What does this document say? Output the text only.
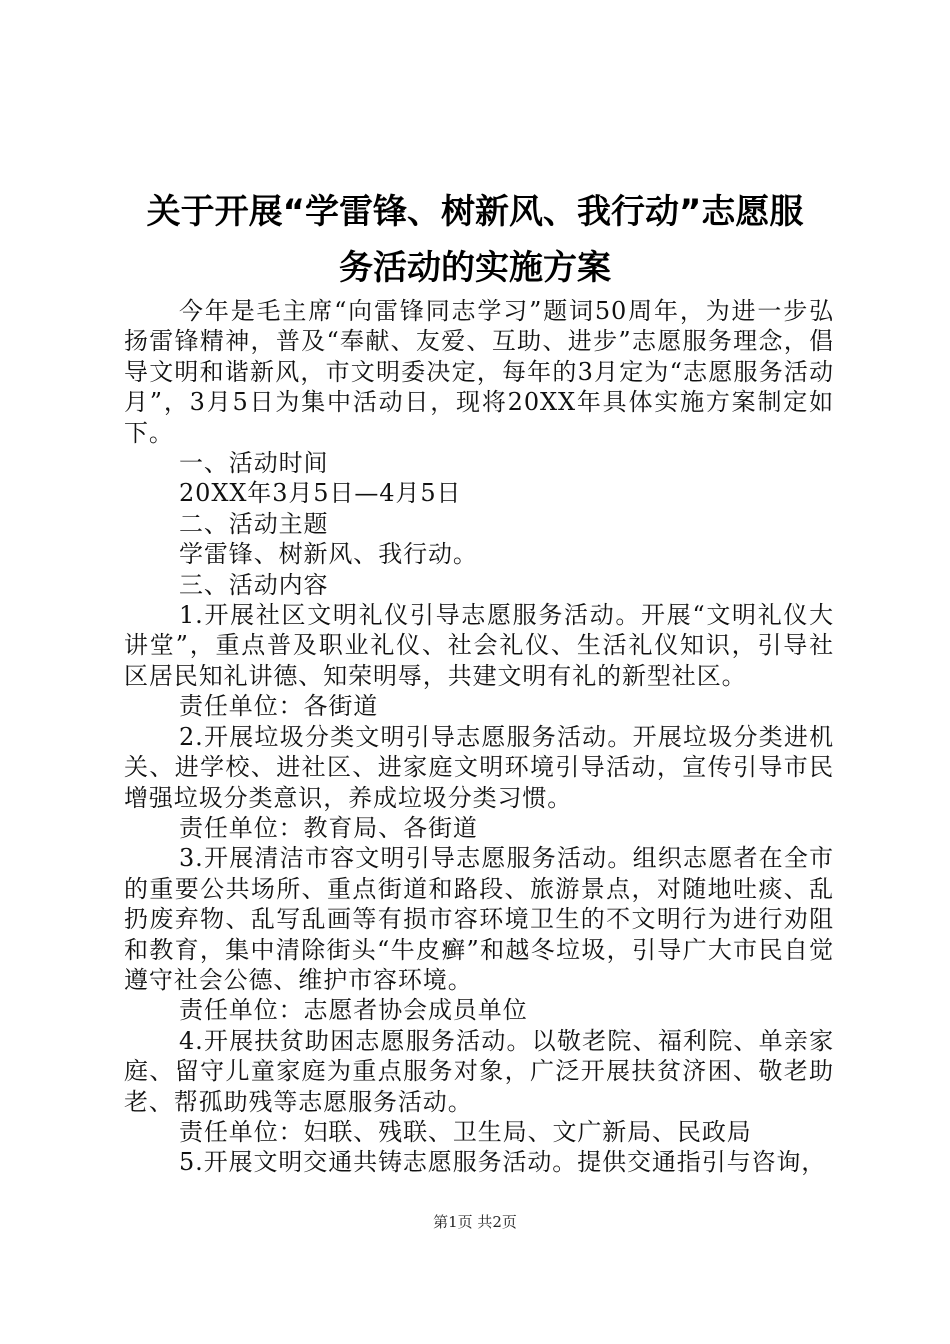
关于开展“学雷锋、树新风、我行动”志愿服
务活动的实施方案

今年是毛主席“向雷锋同志学习”题词50周年，为进一步弘扬雷锋精神，普及“奉献、友爱、互助、进步”志愿服务理念，倡导文明和谐新风，市文明委决定，每年的3月定为“志愿服务活动月”，3月5日为集中活动日，现将20XX年具体实施方案制定如下。

一、活动时间

20XX年3月5日—4月5日

二、活动主题

学雷锋、树新风、我行动。

三、活动内容

1.开展社区文明礼仪引导志愿服务活动。开展“文明礼仪大讲堂”，重点普及职业礼仪、社会礼仪、生活礼仪知识，引导社区居民知礼讲德、知荣明辱，共建文明有礼的新型社区。

责任单位：各街道

2.开展垃圾分类文明引导志愿服务活动。开展垃圾分类进机关、进学校、进社区、进家庭文明环境引导活动，宣传引导市民增强垃圾分类意识，养成垃圾分类习惯。

责任单位：教育局、各街道

3.开展清洁市容文明引导志愿服务活动。组织志愿者在全市的重要公共场所、重点街道和路段、旅游景点，对随地吐痰、乱扔废弃物、乱写乱画等有损市容环境卫生的不文明行为进行劝阻和教育，集中清除街头“牛皮癣”和越冬垃圾，引导广大市民自觉遵守社会公德、维护市容环境。

责任单位：志愿者协会成员单位

4.开展扶贫助困志愿服务活动。以敬老院、福利院、单亲家庭、留守儿童家庭为重点服务对象，广泛开展扶贫济困、敬老助老、帮孤助残等志愿服务活动。

责任单位：妇联、残联、卫生局、文广新局、民政局

5.开展文明交通共铸志愿服务活动。提供交通指引与咨询，

第1页 共2页
